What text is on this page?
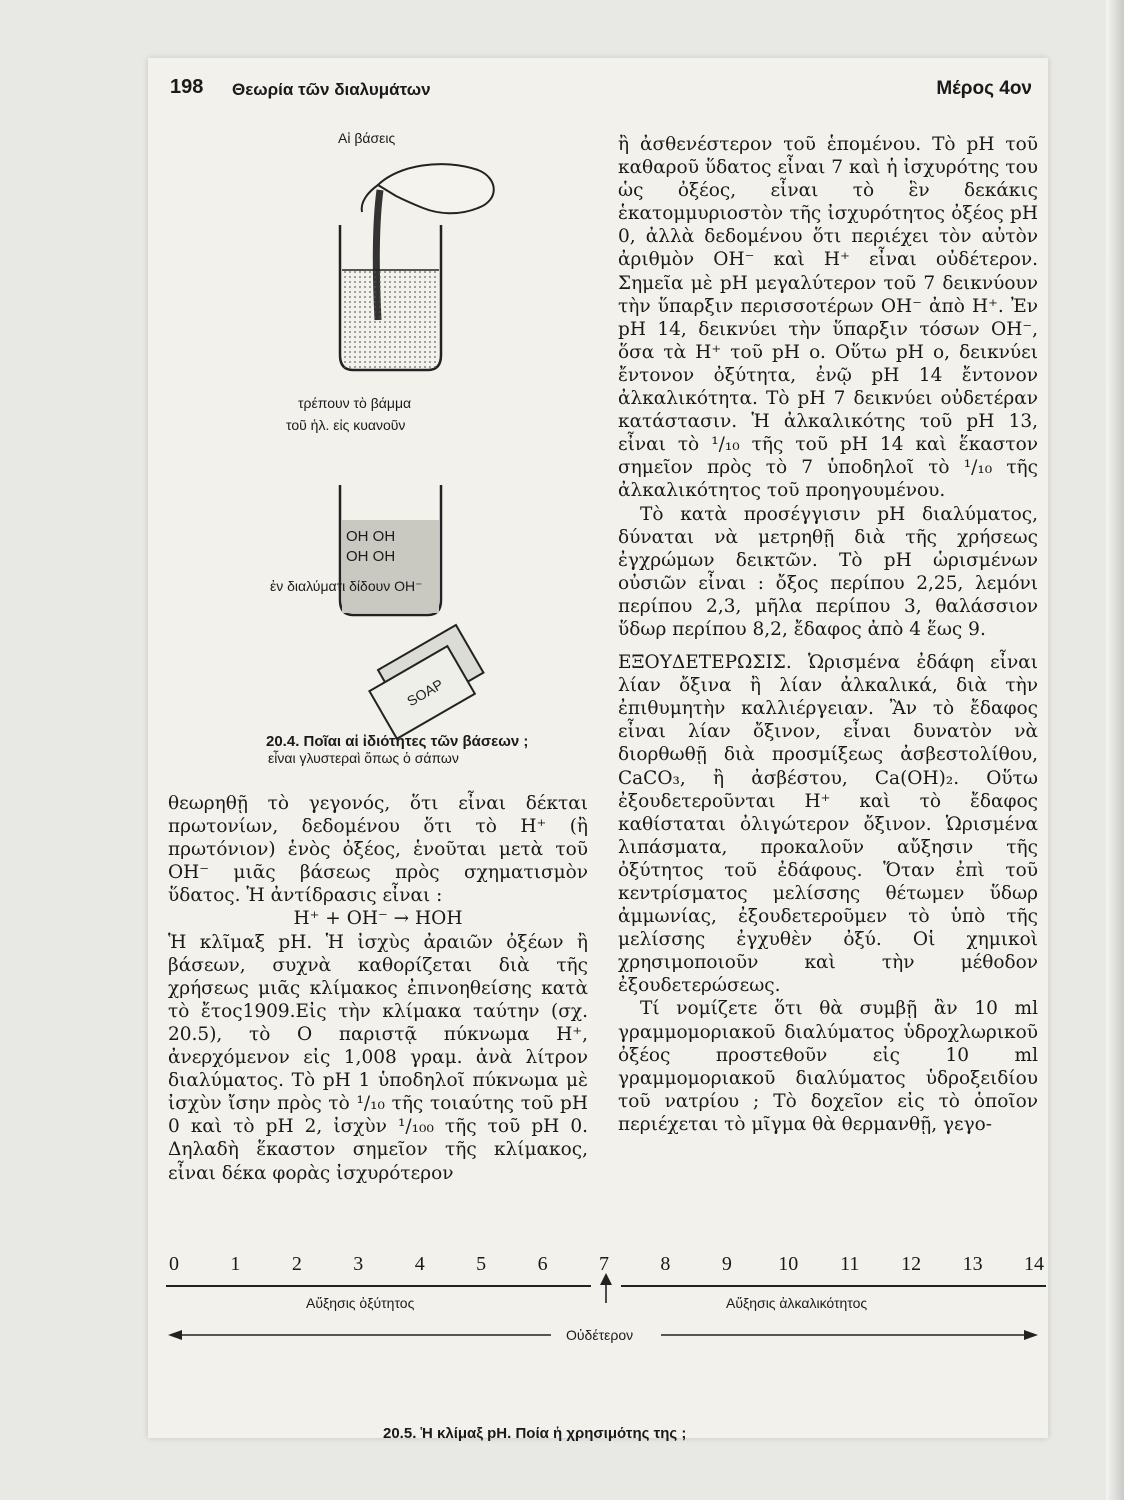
198 Θεωρία τῶν διαλυμάτων	Μέρος 4ον
Αἱ βάσεις
SOAP
τρέπουν τὸ βάμμα
τοῦ ἡλ. εἰς κυανοῦν
OH OH
OH OH
ἐν διαλύματι δίδουν OH⁻
εἶναι γλυστεραὶ ὅπως ὁ σάπων
20.4. Ποῖαι αἱ ἰδιότητες τῶν βάσεων ;

θεωρηθῇ τὸ γεγονός, ὅτι εἶναι δέκται πρωτονίων, δεδομένου ὅτι τὸ H⁺ (ἢ πρωτόνιον) ἑνὸς ὀξέος, ἑνοῦται μετὰ τοῦ OH⁻ μιᾶς βάσεως πρὸς σχηματισμὸν ὕδατος. Ἡ ἀντίδρασις εἶναι :

H⁺ + OH⁻ → HOH

Ἡ κλῖμαξ pH. Ἡ ἰσχὺς ἀραιῶν ὀξέων ἢ βάσεων, συχνὰ καθορίζεται διὰ τῆς χρήσεως μιᾶς κλίμακος ἐπινοηθείσης κατὰ τὸ ἔτος1909.Εἰς τὴν κλίμακα ταύτην (σχ. 20.5), τὸ O παριστᾷ πύκνωμα H⁺, ἀνερχόμενον εἰς 1,008 γραμ. ἀνὰ λίτρον διαλύματος. Τὸ pH 1 ὑποδηλοῖ πύκνωμα μὲ ἰσχὺν ἴσην πρὸς τὸ ¹/₁₀ τῆς τοιαύτης τοῦ pH 0 καὶ τὸ pH 2, ἰσχὺν ¹/₁₀₀ τῆς τοῦ pH 0. Δηλαδὴ ἕκαστον σημεῖον τῆς κλίμακος, εἶναι δέκα φορὰς ἰσχυρότερον

ἢ ἀσθενέστερον τοῦ ἑπομένου. Τὸ pH τοῦ καθαροῦ ὕδατος εἶναι 7 καὶ ἡ ἰσχυρότης του ὡς ὀξέος, εἶναι τὸ ἓν δεκάκις ἑκατομμυριοστὸν τῆς ἰσχυρότητος ὀξέος pH 0, ἀλλὰ δεδομένου ὅτι περιέχει τὸν αὐτὸν ἀριθμὸν OH⁻ καὶ H⁺ εἶναι οὐδέτερον. Σημεῖα μὲ pH μεγαλύτερον τοῦ 7 δεικνύουν τὴν ὕπαρξιν περισσοτέρων OH⁻ ἀπὸ H⁺. Ἐν pH 14, δεικνύει τὴν ὕπαρξιν τόσων OH⁻, ὅσα τὰ H⁺ τοῦ pH o. Οὕτω pH o, δεικνύει ἔντονον ὀξύτητα, ἐνῷ pH 14 ἔντονον ἀλκαλικότητα. Τὸ pH 7 δεικνύει οὐδετέραν κατάστασιν. Ἡ ἀλκαλικότης τοῦ pH 13, εἶναι τὸ ¹/₁₀ τῆς τοῦ pH 14 καὶ ἕκαστον σημεῖον πρὸς τὸ 7 ὑποδηλοῖ τὸ ¹/₁₀ τῆς ἀλκαλικότητος τοῦ προηγουμένου.

Τὸ κατὰ προσέγγισιν pH διαλύματος, δύναται νὰ μετρηθῇ διὰ τῆς χρήσεως ἐγχρώμων δεικτῶν. Τὸ pH ὡρισμένων οὐσιῶν εἶναι : ὄξος περίπου 2,25, λεμόνι περίπου 2,3, μῆλα περίπου 3, θαλάσσιον ὕδωρ περίπου 8,2, ἔδαφος ἀπὸ 4 ἕως 9.

ΕΞΟΥΔΕΤΕΡΩΣΙΣ. Ὡρισμένα ἐδάφη εἶναι λίαν ὄξινα ἢ λίαν ἀλκαλικά, διὰ τὴν ἐπιθυμητὴν καλλιέργειαν. Ἂν τὸ ἔδαφος εἶναι λίαν ὄξινον, εἶναι δυνατὸν νὰ διορθωθῇ διὰ προσμίξεως ἀσβεστολίθου, CaCO₃, ἢ ἀσβέστου, Ca(OH)₂. Οὕτω ἐξουδετεροῦνται H⁺ καὶ τὸ ἔδαφος καθίσταται ὀλιγώτερον ὄξινον. Ὡρισμένα λιπάσματα, προκαλοῦν αὔξησιν τῆς ὀξύτητος τοῦ ἐδάφους. Ὅταν ἐπὶ τοῦ κεντρίσματος μελίσσης θέτωμεν ὕδωρ ἀμμωνίας, ἐξουδετεροῦμεν τὸ ὑπὸ τῆς μελίσσης ἐγχυθὲν ὀξύ. Οἱ χημικοὶ χρησιμοποιοῦν καὶ τὴν μέθοδον ἐξουδετερώσεως.

Τί νομίζετε ὅτι θὰ συμβῇ ἂν 10 ml γραμμομοριακοῦ διαλύματος ὑδροχλωρικοῦ ὀξέος προστεθοῦν εἰς 10 ml γραμμομοριακοῦ διαλύματος ὑδροξειδίου τοῦ νατρίου ; Τὸ δοχεῖον εἰς τὸ ὁποῖον περιέχεται τὸ μῖγμα θὰ θερμανθῇ, γεγο-

0	1	2	3	4	5	6	7	8	9 10 11 12 13 14
Αὔξησις ὀξύτητος	Αὔξησις ἀλκαλικότητος
Οὐδέτερον
20.5. Ἡ κλίμαξ pH. Ποία ἡ χρησιμότης της ;
